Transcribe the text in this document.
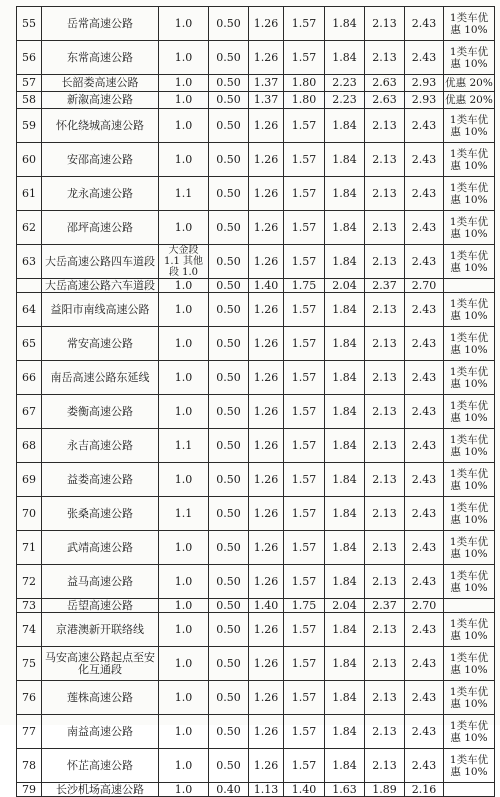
55	岳常高速公路	1.0	0.50	1.26	1.57	1.84	2.13	2.43	1类车优惠 10%
56	东常高速公路	1.0	0.50	1.26	1.57	1.84	2.13	2.43	1类车优惠 10%
57	长韶娄高速公路	1.0	0.50	1.37	1.80	2.23	2.63	2.93	优惠 20%
58	新溆高速公路	1.0	0.50	1.37	1.80	2.23	2.63	2.93	优惠 20%
59	怀化绕城高速公路	1.0	0.50	1.26	1.57	1.84	2.13	2.43	1类车优惠 10%
60	安邵高速公路	1.0	0.50	1.26	1.57	1.84	2.13	2.43	1类车优惠 10%
61	龙永高速公路	1.1	0.50	1.26	1.57	1.84	2.13	2.43	1类车优惠 10%
62	邵坪高速公路	1.0	0.50	1.26	1.57	1.84	2.13	2.43	1类车优惠 10%
63	大岳高速公路四车道段	大金段 1.1 其他段 1.0	0.50	1.26	1.57	1.84	2.13	2.43	1类车优惠 10%
	大岳高速公路六车道段	1.0	0.50	1.40	1.75	2.04	2.37	2.70	
64	益阳市南线高速公路	1.0	0.50	1.26	1.57	1.84	2.13	2.43	1类车优惠 10%
65	常安高速公路	1.0	0.50	1.26	1.57	1.84	2.13	2.43	1类车优惠 10%
66	南岳高速公路东延线	1.0	0.50	1.26	1.57	1.84	2.13	2.43	1类车优惠 10%
67	娄衡高速公路	1.0	0.50	1.26	1.57	1.84	2.13	2.43	1类车优惠 10%
68	永吉高速公路	1.1	0.50	1.26	1.57	1.84	2.13	2.43	1类车优惠 10%
69	益娄高速公路	1.0	0.50	1.26	1.57	1.84	2.13	2.43	1类车优惠 10%
70	张桑高速公路	1.1	0.50	1.26	1.57	1.84	2.13	2.43	1类车优惠 10%
71	武靖高速公路	1.0	0.50	1.26	1.57	1.84	2.13	2.43	1类车优惠 10%
72	益马高速公路	1.0	0.50	1.26	1.57	1.84	2.13	2.43	1类车优惠 10%
73	岳望高速公路	1.0	0.50	1.40	1.75	2.04	2.37	2.70	
74	京港澳新开联络线	1.0	0.50	1.26	1.57	1.84	2.13	2.43	1类车优惠 10%
75	马安高速公路起点至安化互通段	1.0	0.50	1.26	1.57	1.84	2.13	2.43	1类车优惠 10%
76	莲株高速公路	1.0	0.50	1.26	1.57	1.84	2.13	2.43	1类车优惠 10%
77	南益高速公路	1.0	0.50	1.26	1.57	1.84	2.13	2.43	1类车优惠 10%
78	怀芷高速公路	1.0	0.50	1.26	1.57	1.84	2.13	2.43	1类车优惠 10%
79	长沙机场高速公路	1.0	0.40	1.13	1.40	1.63	1.89	2.16	
